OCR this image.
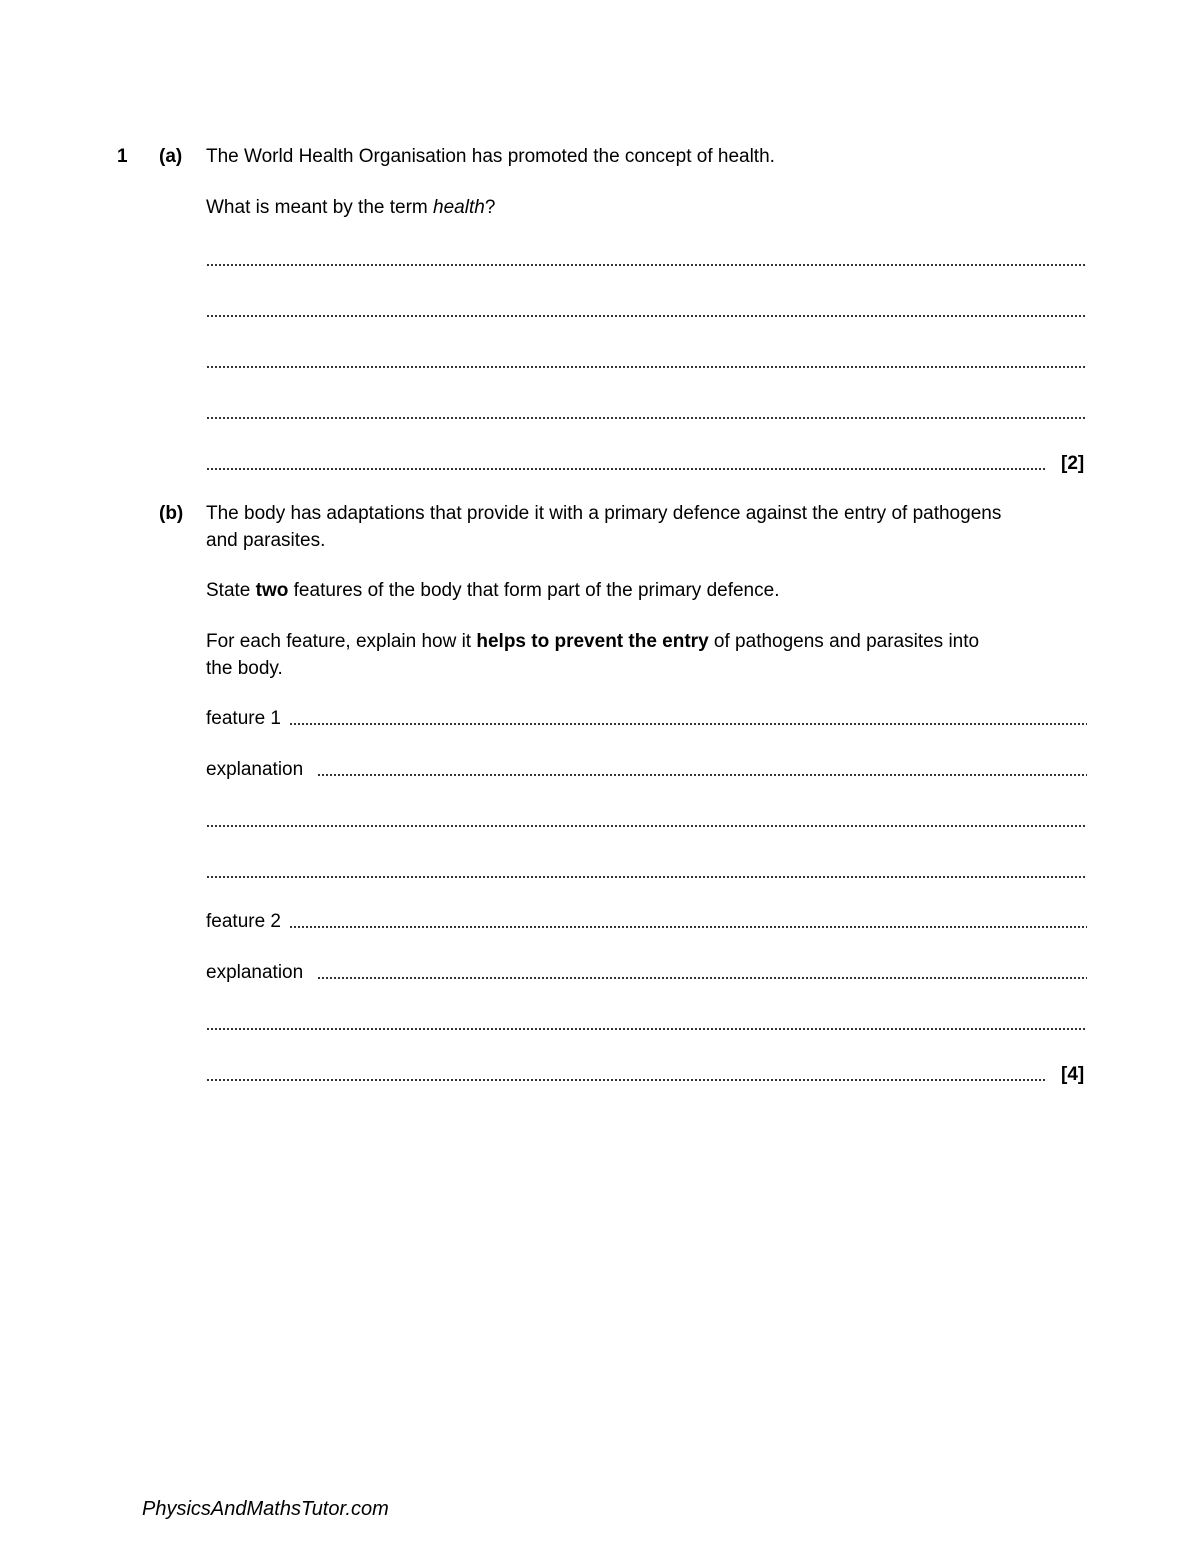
1 (a) The World Health Organisation has promoted the concept of health.
What is meant by the term health?
[2]
(b) The body has adaptations that provide it with a primary defence against the entry of pathogens
and parasites.
State two features of the body that form part of the primary defence.
For each feature, explain how it helps to prevent the entry of pathogens and parasites into
the body.
feature 1
explanation
feature 2
explanation
[4]
PhysicsAndMathsTutor.com
